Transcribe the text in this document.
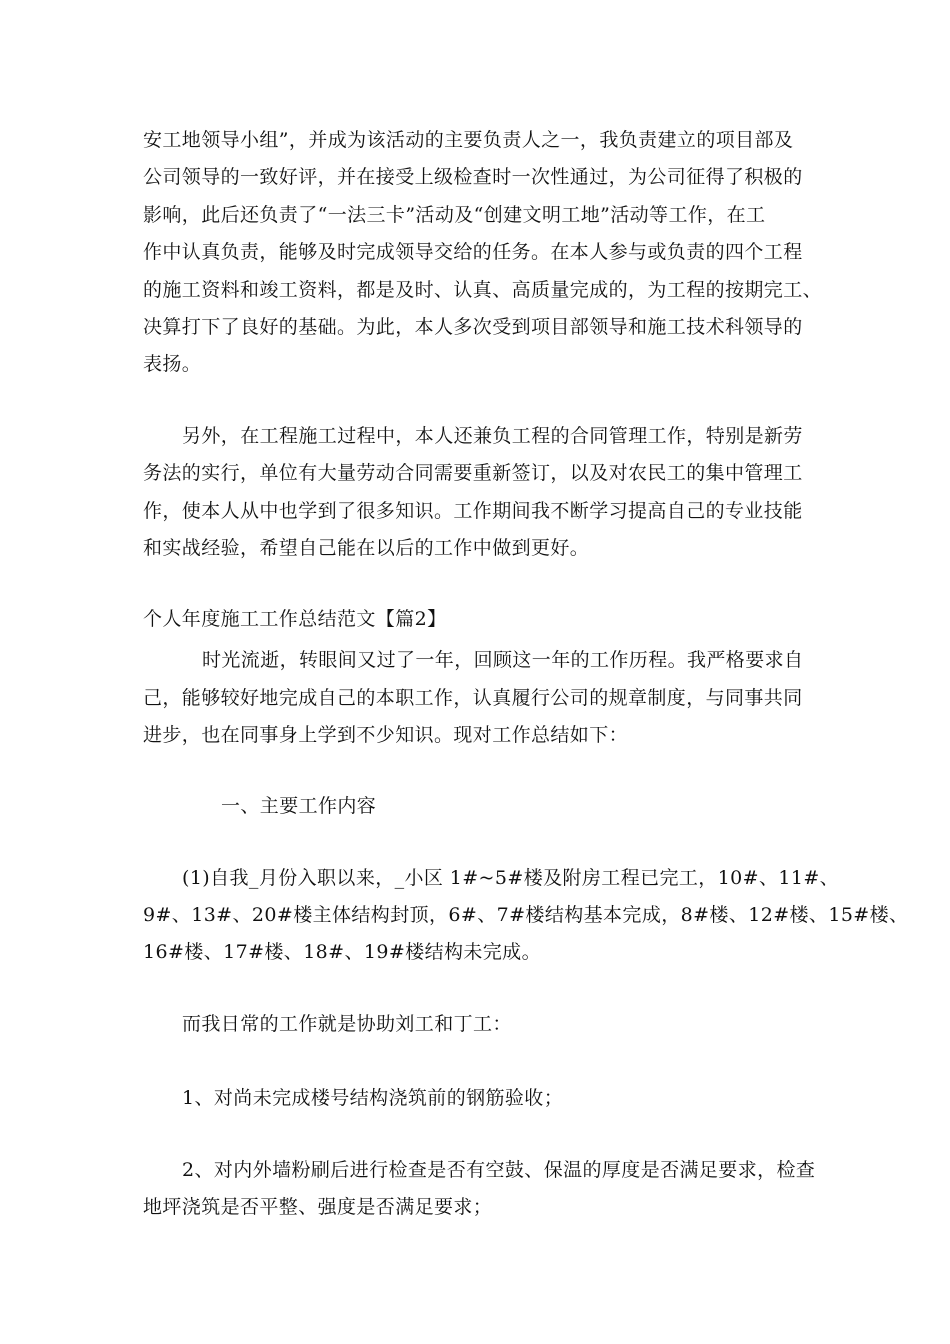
安工地领导小组”，并成为该活动的主要负责人之一，我负责建立的项目部及
公司领导的一致好评，并在接受上级检查时一次性通过，为公司征得了积极的
影响，此后还负责了“一法三卡”活动及“创建文明工地”活动等工作，在工
作中认真负责，能够及时完成领导交给的任务。在本人参与或负责的四个工程
的施工资料和竣工资料，都是及时、认真、高质量完成的，为工程的按期完工、
决算打下了良好的基础。为此，本人多次受到项目部领导和施工技术科领导的
表扬。
另外，在工程施工过程中，本人还兼负工程的合同管理工作，特别是新劳
务法的实行，单位有大量劳动合同需要重新签订，以及对农民工的集中管理工
作，使本人从中也学到了很多知识。工作期间我不断学习提高自己的专业技能
和实战经验，希望自己能在以后的工作中做到更好。
个人年度施工工作总结范文【篇2】
时光流逝，转眼间又过了一年，回顾这一年的工作历程。我严格要求自
己，能够较好地完成自己的本职工作，认真履行公司的规章制度，与同事共同
进步，也在同事身上学到不少知识。现对工作总结如下：
一、主要工作内容
(1)自我_月份入职以来，_小区 1#~5#楼及附房工程已完工，10#、11#、
9#、13#、20#楼主体结构封顶，6#、7#楼结构基本完成，8#楼、12#楼、15#楼、
16#楼、17#楼、18#、19#楼结构未完成。
而我日常的工作就是协助刘工和丁工：
1、对尚未完成楼号结构浇筑前的钢筋验收；
2、对内外墙粉刷后进行检查是否有空鼓、保温的厚度是否满足要求，检查
地坪浇筑是否平整、强度是否满足要求；
